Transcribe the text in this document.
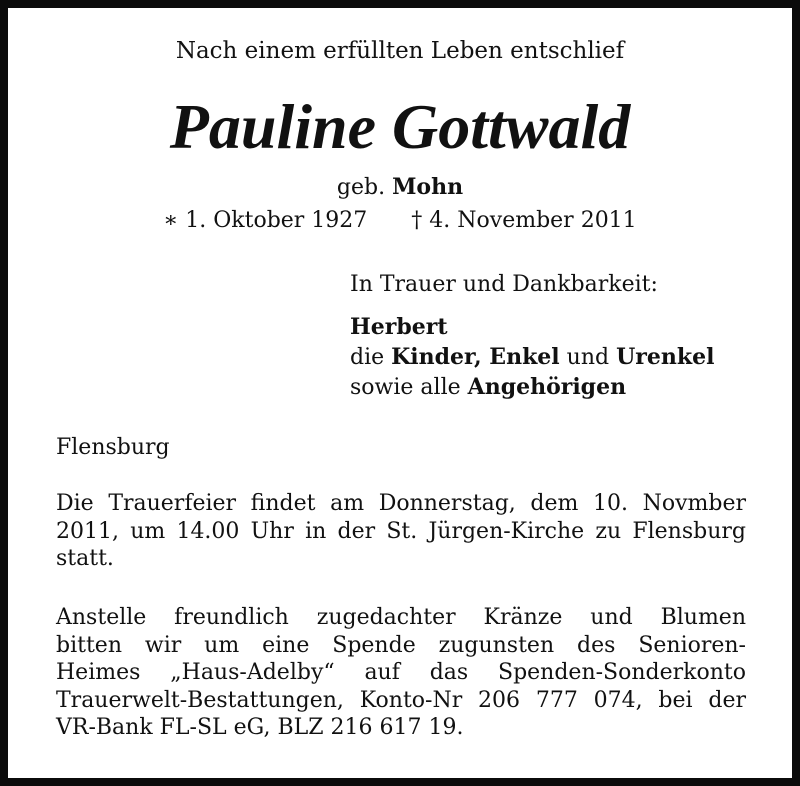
Nach einem erfüllten Leben entschlief
Pauline Gottwald
geb. Mohn
∗ 1. Oktober 1927 † 4. November 2011
In Trauer und Dankbarkeit:
Herbert
die Kinder, Enkel und Urenkel
sowie alle Angehörigen
Flensburg
Die Trauerfeier findet am Donnerstag, dem 10. Novmber
2011, um 14.00 Uhr in der St. Jürgen-Kirche zu Flensburg
statt.
Anstelle freundlich zugedachter Kränze und Blumen
bitten wir um eine Spende zugunsten des Senioren-
Heimes „Haus-Adelby“ auf das Spenden-Sonderkonto
Trauerwelt-Bestattungen, Konto-Nr 206 777 074, bei der
VR-Bank FL-SL eG, BLZ 216 617 19.
